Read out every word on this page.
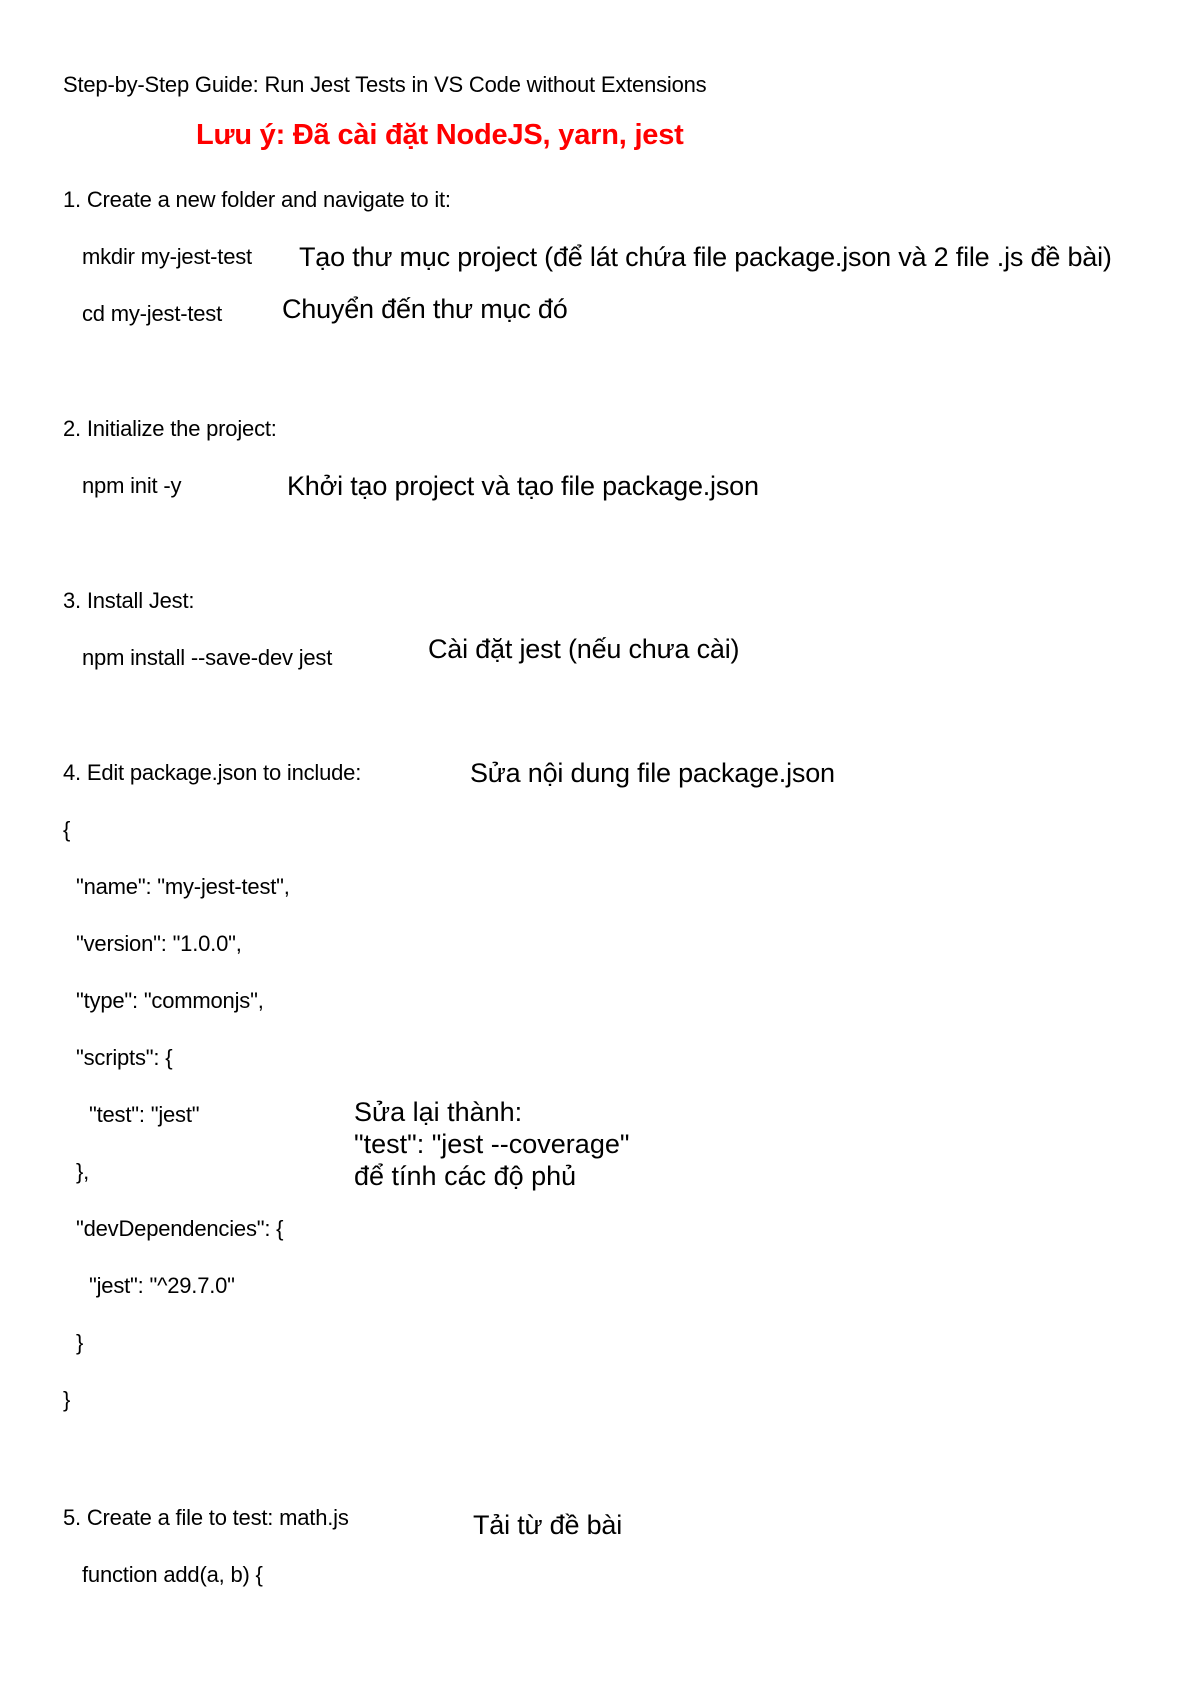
Step-by-Step Guide: Run Jest Tests in VS Code without Extensions
Lưu ý: Đã cài đặt NodeJS, yarn, jest
1. Create a new folder and navigate to it:
mkdir my-jest-test Tạo thư mục project (để lát chứa file package.json và 2 file .js đề bài)
cd my-jest-test Chuyển đến thư mục đó
2. Initialize the project:
npm init -y	Khởi tạo project và tạo file package.json
3. Install Jest:
npm install --save-dev jest	Cài đặt jest (nếu chưa cài)
4. Edit package.json to include:	Sửa nội dung file package.json
{
"name": "my-jest-test",
"version": "1.0.0",
"type": "commonjs",
"scripts": {
"test": "jest"
},
"devDependencies": {
"jest": "^29.7.0"
}
}
Sửa lại thành:
"test": "jest --coverage"
để tính các độ phủ
5. Create a file to test: math.js	Tải từ đề bài
function add(a, b) {
